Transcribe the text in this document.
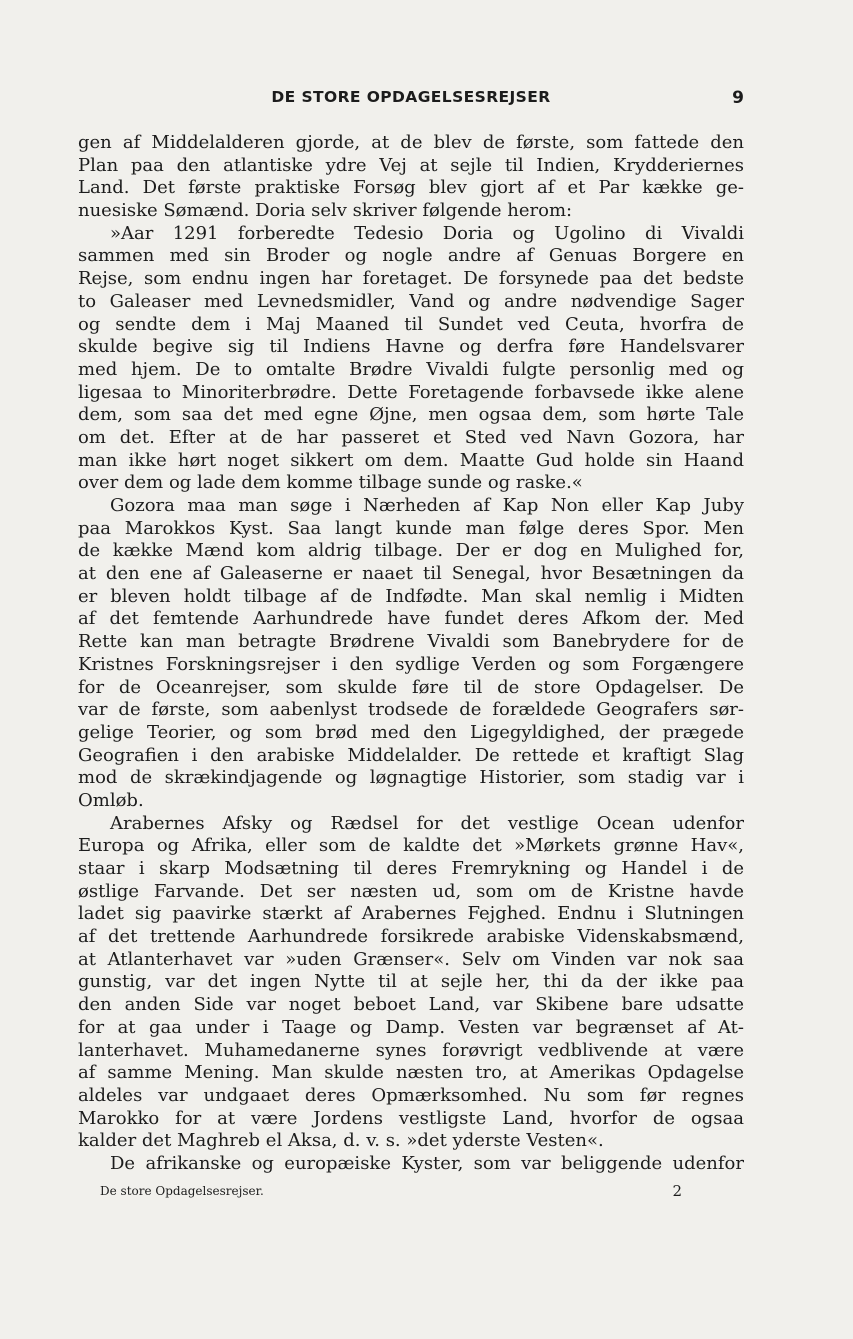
DE STORE OPDAGELSESREJSER	9
gen af Middelalderen gjorde, at de blev de første, som fattede den
Plan paa den atlantiske ydre Vej at sejle til Indien, Krydderiernes
Land. Det første praktiske Forsøg blev gjort af et Par kække ge-
nuesiske Sømænd. Doria selv skriver følgende herom:
»Aar 1291 forberedte Tedesio Doria og Ugolino di Vivaldi
sammen med sin Broder og nogle andre af Genuas Borgere en
Rejse, som endnu ingen har foretaget. De forsynede paa det bedste
to Galeaser med Levnedsmidler, Vand og andre nødvendige Sager
og sendte dem i Maj Maaned til Sundet ved Ceuta, hvorfra de
skulde begive sig til Indiens Havne og derfra føre Handelsvarer
med hjem. De to omtalte Brødre Vivaldi fulgte personlig med og
ligesaa to Minoriterbrødre. Dette Foretagende forbavsede ikke alene
dem, som saa det med egne Øjne, men ogsaa dem, som hørte Tale
om det. Efter at de har passeret et Sted ved Navn Gozora, har
man ikke hørt noget sikkert om dem. Maatte Gud holde sin Haand
over dem og lade dem komme tilbage sunde og raske.«
Gozora maa man søge i Nærheden af Kap Non eller Kap Juby
paa Marokkos Kyst. Saa langt kunde man følge deres Spor. Men
de kække Mænd kom aldrig tilbage. Der er dog en Mulighed for,
at den ene af Galeaserne er naaet til Senegal, hvor Besætningen da
er bleven holdt tilbage af de Indfødte. Man skal nemlig i Midten
af det femtende Aarhundrede have fundet deres Afkom der. Med
Rette kan man betragte Brødrene Vivaldi som Banebrydere for de
Kristnes Forskningsrejser i den sydlige Verden og som Forgængere
for de Oceanrejser, som skulde føre til de store Opdagelser. De
var de første, som aabenlyst trodsede de forældede Geografers sør-
gelige Teorier, og som brød med den Ligegyldighed, der prægede
Geografien i den arabiske Middelalder. De rettede et kraftigt Slag
mod de skrækindjagende og løgnagtige Historier, som stadig var i
Omløb.
Arabernes Afsky og Rædsel for det vestlige Ocean udenfor
Europa og Afrika, eller som de kaldte det »Mørkets grønne Hav«,
staar i skarp Modsætning til deres Fremrykning og Handel i de
østlige Farvande. Det ser næsten ud, som om de Kristne havde
ladet sig paavirke stærkt af Arabernes Fejghed. Endnu i Slutningen
af det trettende Aarhundrede forsikrede arabiske Videnskabsmænd,
at Atlanterhavet var »uden Grænser«. Selv om Vinden var nok saa
gunstig, var det ingen Nytte til at sejle her, thi da der ikke paa
den anden Side var noget beboet Land, var Skibene bare udsatte
for at gaa under i Taage og Damp. Vesten var begrænset af At-
lanterhavet. Muhamedanerne synes forøvrigt vedblivende at være
af samme Mening. Man skulde næsten tro, at Amerikas Opdagelse
aldeles var undgaaet deres Opmærksomhed. Nu som før regnes
Marokko for at være Jordens vestligste Land, hvorfor de ogsaa
kalder det Maghreb el Aksa, d. v. s. »det yderste Vesten«.
De afrikanske og europæiske Kyster, som var beliggende udenfor
De store Opdagelsesrejser.	2
